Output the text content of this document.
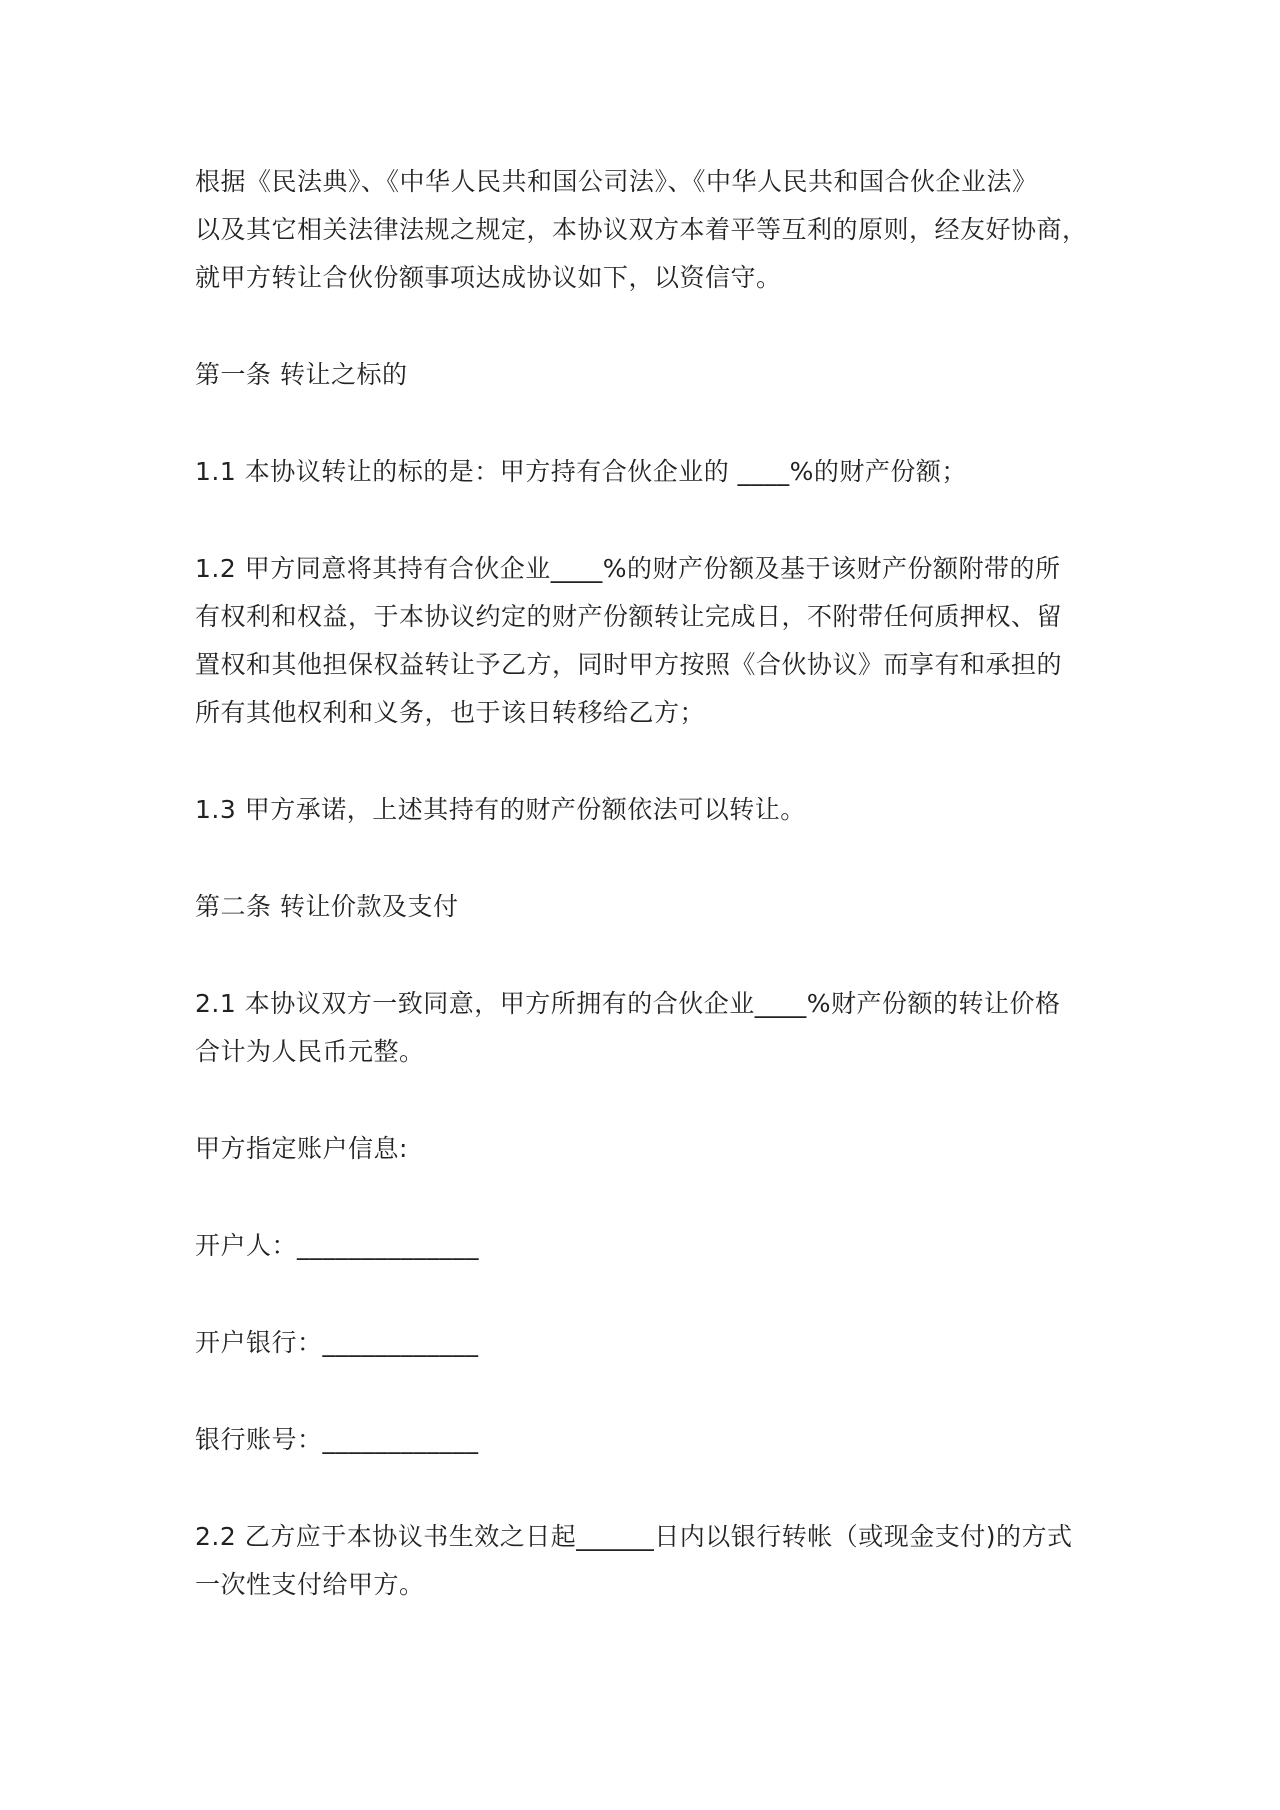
根据《民法典》、《中华人民共和国公司法》、《中华人民共和国合伙企业法》
以及其它相关法律法规之规定，本协议双方本着平等互利的原则，经友好协商，
就甲方转让合伙份额事项达成协议如下，以资信守。

第一条 转让之标的

1.1 本协议转让的标的是：甲方持有合伙企业的 ____%的财产份额；

1.2 甲方同意将其持有合伙企业____%的财产份额及基于该财产份额附带的所
有权利和权益，于本协议约定的财产份额转让完成日，不附带任何质押权、留
置权和其他担保权益转让予乙方，同时甲方按照《合伙协议》而享有和承担的
所有其他权利和义务，也于该日转移给乙方；

1.3 甲方承诺，上述其持有的财产份额依法可以转让。

第二条 转让价款及支付

2.1 本协议双方一致同意，甲方所拥有的合伙企业____%财产份额的转让价格
合计为人民币元整。

甲方指定账户信息:

开户人：______________

开户银行：____________

银行账号：____________

2.2 乙方应于本协议书生效之日起______日内以银行转帐（或现金支付)的方式
一次性支付给甲方。
